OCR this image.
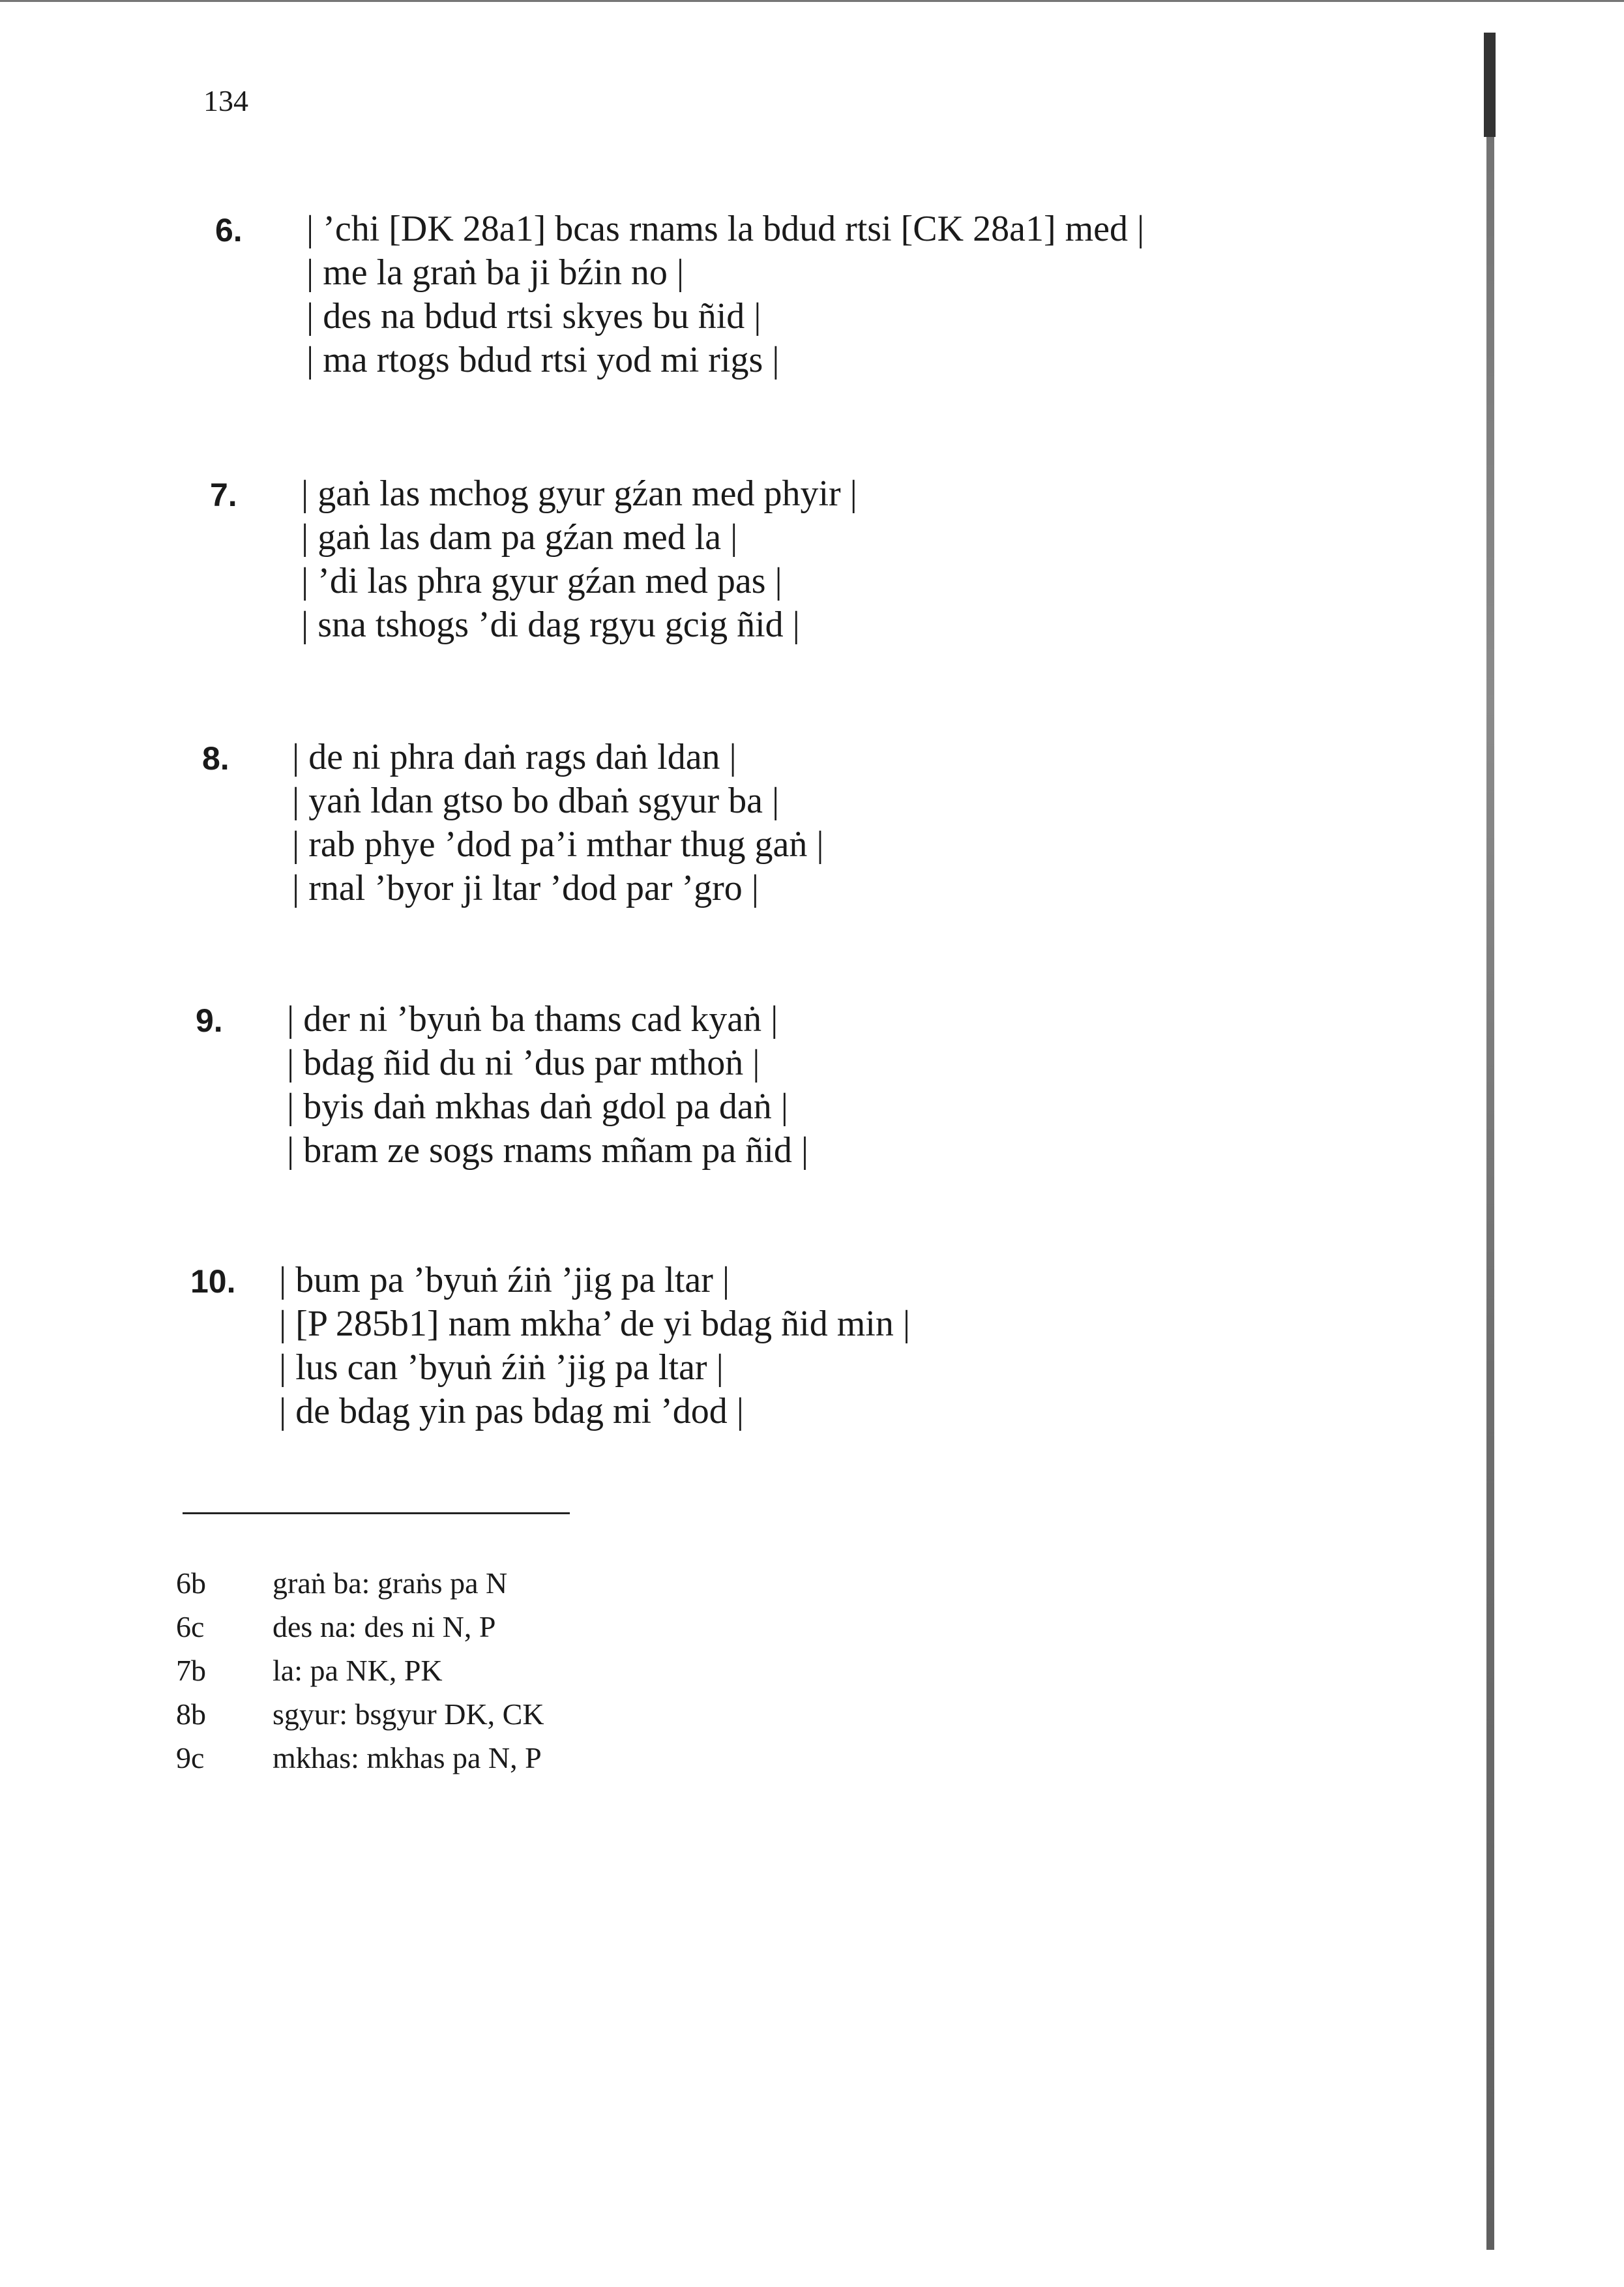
134
6. | ’chi [DK 28a1] bcas rnams la bdud rtsi [CK 28a1] med |
| me la graṅ ba ji bźin no |
| des na bdud rtsi skyes bu ñid |
| ma rtogs bdud rtsi yod mi rigs |
7. | gaṅ las mchog gyur gźan med phyir |
| gaṅ las dam pa gźan med la |
| ’di las phra gyur gźan med pas |
| sna tshogs ’di dag rgyu gcig ñid |
8. | de ni phra daṅ rags daṅ ldan |
| yaṅ ldan gtso bo dbaṅ sgyur ba |
| rab phye ’dod pa’i mthar thug gaṅ |
| rnal ’byor ji ltar ’dod par ’gro |
9. | der ni ’byuṅ ba thams cad kyaṅ |
| bdag ñid du ni ’dus par mthoṅ |
| byis daṅ mkhas daṅ gdol pa daṅ |
| bram ze sogs rnams mñam pa ñid |
10. | bum pa ’byuṅ źiṅ ’jig pa ltar |
| [P 285b1] nam mkha’ de yi bdag ñid min |
| lus can ’byuṅ źiṅ ’jig pa ltar |
| de bdag yin pas bdag mi ’dod |
6b graṅ ba: graṅs pa N
6c des na: des ni N, P
7b la: pa NK, PK
8b sgyur: bsgyur DK, CK
9c mkhas: mkhas pa N, P
